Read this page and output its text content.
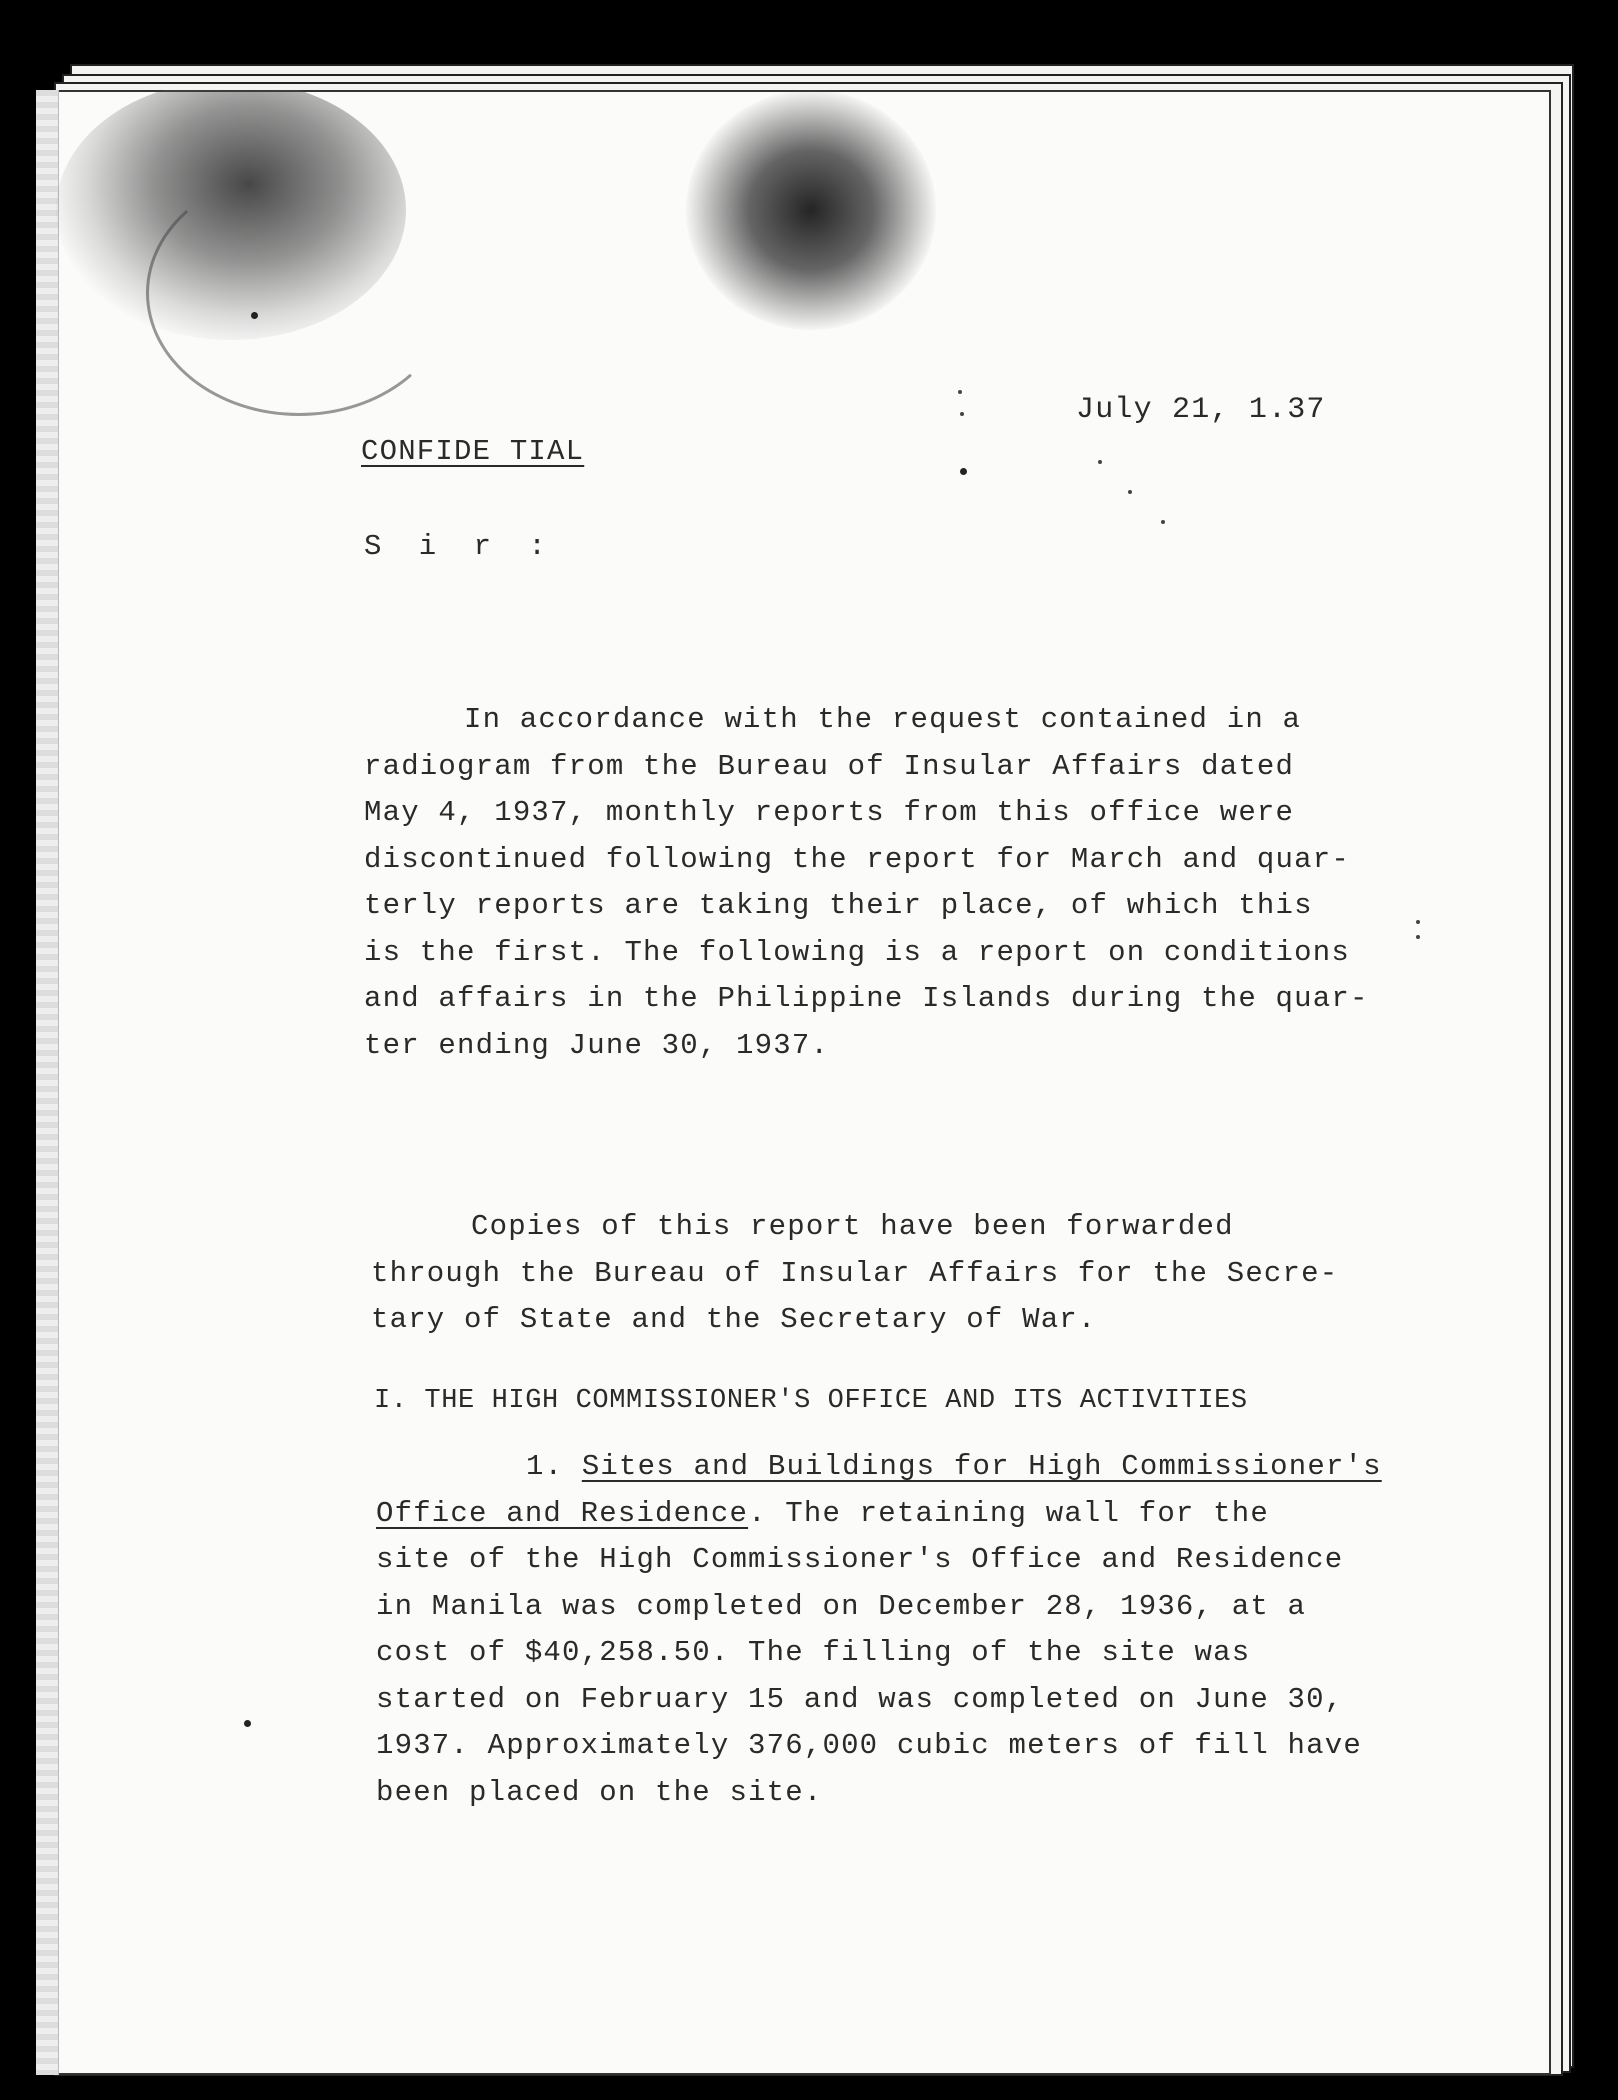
July 21, 1.37
CONFIDE TIAL
S i r :
In accordance with the request contained in a
radiogram from the Bureau of Insular Affairs dated
May 4, 1937, monthly reports from this office were
discontinued following the report for March and quar-
terly reports are taking their place, of which this
is the first. The following is a report on conditions
and affairs in the Philippine Islands during the quar-
ter ending June 30, 1937.
Copies of this report have been forwarded
through the Bureau of Insular Affairs for the Secre-
tary of State and the Secretary of War.
I. THE HIGH COMMISSIONER'S OFFICE AND ITS ACTIVITIES
1. Sites and Buildings for High Commissioner's
Office and Residence. The retaining wall for the
site of the High Commissioner's Office and Residence
in Manila was completed on December 28, 1936, at a
cost of $40,258.50. The filling of the site was
started on February 15 and was completed on June 30,
1937. Approximately 376,000 cubic meters of fill have
been placed on the site.
